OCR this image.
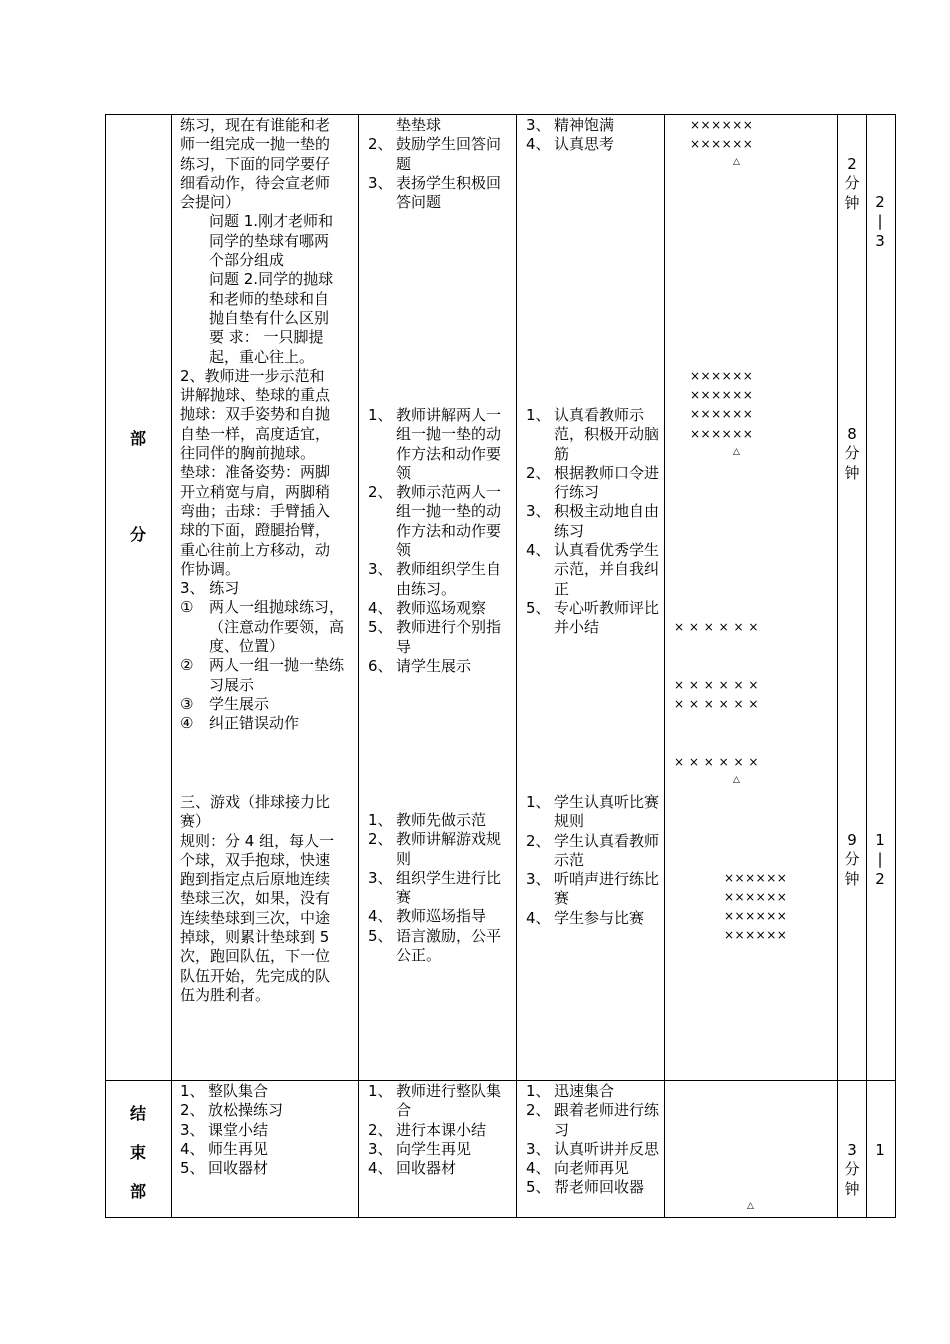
部
分
练习，现在有谁能和老
师一组完成一抛一垫的
练习，下面的同学要仔
细看动作，待会宣老师
会提问）
问题 1.刚才老师和
同学的垫球有哪两
个部分组成
问题 2.同学的抛球
和老师的垫球和自
抛自垫有什么区别
要 求： 一只脚提
起，重心往上。
2、教师进一步示范和
讲解抛球、垫球的重点
抛球：双手姿势和自抛
自垫一样，高度适宜，
往同伴的胸前抛球。
垫球：准备姿势：两脚
开立稍宽与肩，两脚稍
弯曲；击球：手臂插入
球的下面，蹬腿抬臂，
重心往前上方移动，动
作协调。
3、 练习
① 两人一组抛球练习，（注意动作要领，高度、位置）
② 两人一组一抛一垫练习展示
③ 学生展示
④ 纠正错误动作
三、游戏（排球接力比
赛）
规则：分 4 组，每人一
个球，双手抱球，快速
跑到指定点后原地连续
垫球三次，如果，没有
连续垫球到三次，中途
掉球，则累计垫球到 5
次，跑回队伍，下一位
队伍开始，先完成的队
伍为胜利者。
垫垫球
2、 鼓励学生回答问题
3、 表扬学生积极回答问题
1、 教师讲解两人一组一抛一垫的动作方法和动作要领
2、 教师示范两人一组一抛一垫的动作方法和动作要领
3、 教师组织学生自由练习。
4、 教师巡场观察
5、 教师进行个别指导
6、 请学生展示
1、 教师先做示范
2、 教师讲解游戏规则
3、 组织学生进行比赛
4、 教师巡场指导
5、 语言激励，公平公正。
3、 精神饱满
4、 认真思考
1、 认真看教师示范，积极开动脑筋
2、 根据教师口令进行练习
3、 积极主动地自由练习
4、 认真看优秀学生示范，并自我纠正
5、 专心听教师评比并小结
1、 学生认真听比赛规则
2、 学生认真看教师示范
3、 听哨声进行练比赛
4、 学生参与比赛
××××××
××××××
△
××××××
××××××
××××××
××××××
△
× × × × × ×
× × × × × ×
× × × × × ×
× × × × × ×
△
××××××
××××××
××××××
××××××
2
分
钟
8
分
钟
9
分
钟
2
|
3
1
|
2
结
束
部
1、 整队集合
2、 放松操练习
3、 课堂小结
4、 师生再见
5、 回收器材
1、 教师进行整队集合
2、 进行本课小结
3、 向学生再见
4、 回收器材
1、 迅速集合
2、 跟着老师进行练习
3、 认真听讲并反思
4、 向老师再见
5、 帮老师回收器
△
3
分
钟
1
